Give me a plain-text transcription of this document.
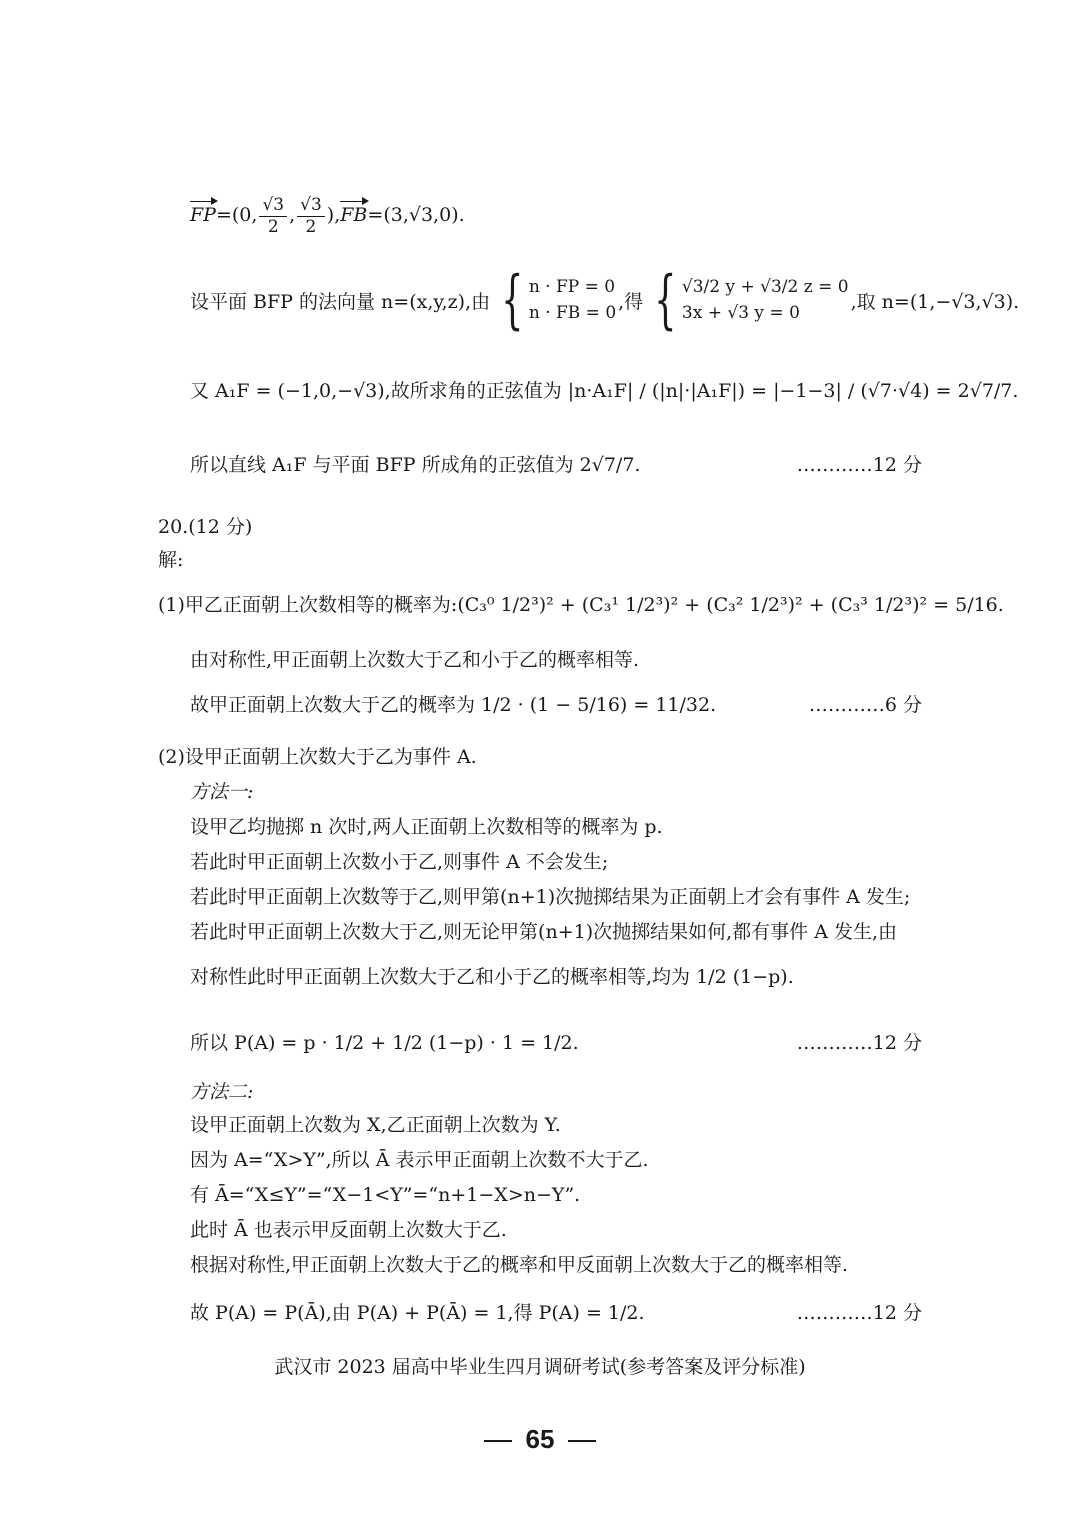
FP=(0, $\frac{√3}{2}$ , $\frac{√3}{2} ),FB=(3,√3,0)$.
设平面 BFP 的法向量 n=(x,y,z),由 { n · FP = 0
n · FB = 0
,得 { √3/2 y + √3/2 z = 0
3x + √3 y = 0
,取 n=(1,−√3,√3).
又 A₁F = (−1,0,−√3),故所求角的正弦值为 |n·A₁F| / (|n|·|A₁F|) = |−1−3| / (√7·√4) = 2√7/7.
所以直线 A₁F 与平面 BFP 所成角的正弦值为 2√7/7.	…………12 分
20.(12 分)
解:
(1)甲乙正面朝上次数相等的概率为:(C₃⁰ 1/2³)² + (C₃¹ 1/2³)² + (C₃² 1/2³)² + (C₃³ 1/2³)² = 5/16.
由对称性,甲正面朝上次数大于乙和小于乙的概率相等.
故甲正面朝上次数大于乙的概率为 1/2 · (1 − 5/16) = 11/32.	…………6 分
(2)设甲正面朝上次数大于乙为事件 A.
方法一:
设甲乙均抛掷 n 次时,两人正面朝上次数相等的概率为 p.
若此时甲正面朝上次数小于乙,则事件 A 不会发生;
若此时甲正面朝上次数等于乙,则甲第(n+1)次抛掷结果为正面朝上才会有事件 A 发生;
若此时甲正面朝上次数大于乙,则无论甲第(n+1)次抛掷结果如何,都有事件 A 发生,由
对称性此时甲正面朝上次数大于乙和小于乙的概率相等,均为 1/2 (1−p).
所以 P(A) = p · 1/2 + 1/2 (1−p) · 1 = 1/2.	…………12 分
方法二:
设甲正面朝上次数为 X,乙正面朝上次数为 Y.
因为 A=“X>Y”,所以 Ā 表示甲正面朝上次数不大于乙.
有 Ā=“X≤Y”=“X−1<Y”=“n+1−X>n−Y”.
此时 Ā 也表示甲反面朝上次数大于乙.
根据对称性,甲正面朝上次数大于乙的概率和甲反面朝上次数大于乙的概率相等.
故 P(A) = P(Ā),由 P(A) + P(Ā) = 1,得 P(A) = 1/2.	…………12 分
武汉市 2023 届高中毕业生四月调研考试(参考答案及评分标准)
65
